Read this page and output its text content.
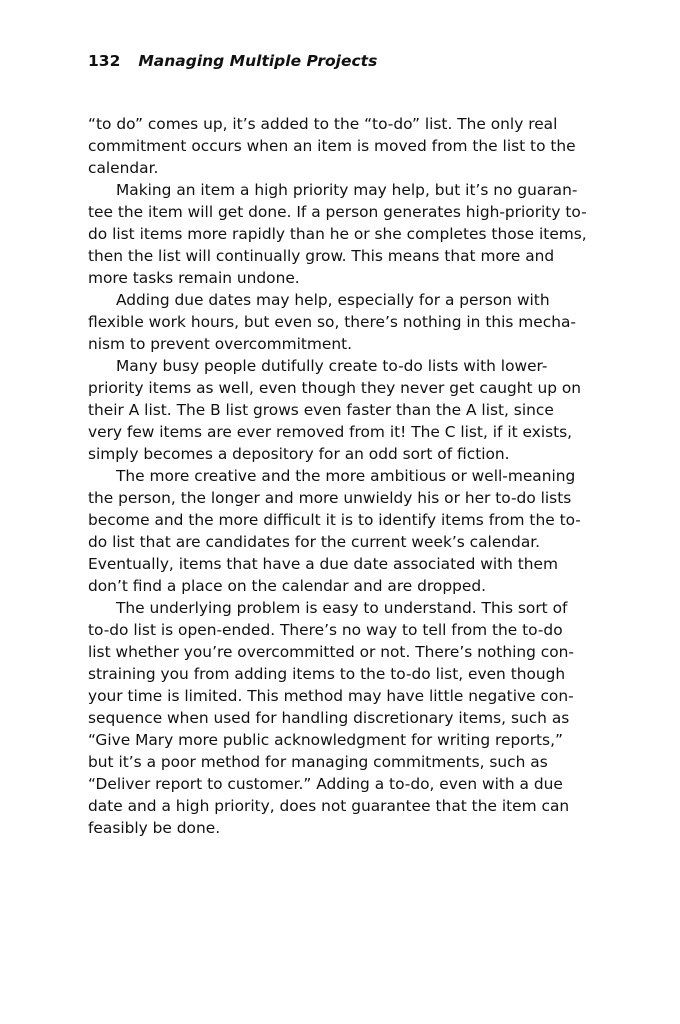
132 Managing Multiple Projects
“to do” comes up, it’s added to the “to-do” list. The only real
commitment occurs when an item is moved from the list to the
calendar.
Making an item a high priority may help, but it’s no guaran-
tee the item will get done. If a person generates high-priority to-
do list items more rapidly than he or she completes those items,
then the list will continually grow. This means that more and
more tasks remain undone.
Adding due dates may help, especially for a person with
flexible work hours, but even so, there’s nothing in this mecha-
nism to prevent overcommitment.
Many busy people dutifully create to-do lists with lower-
priority items as well, even though they never get caught up on
their A list. The B list grows even faster than the A list, since
very few items are ever removed from it! The C list, if it exists,
simply becomes a depository for an odd sort of fiction.
The more creative and the more ambitious or well-meaning
the person, the longer and more unwieldy his or her to-do lists
become and the more difficult it is to identify items from the to-
do list that are candidates for the current week’s calendar.
Eventually, items that have a due date associated with them
don’t find a place on the calendar and are dropped.
The underlying problem is easy to understand. This sort of
to-do list is open-ended. There’s no way to tell from the to-do
list whether you’re overcommitted or not. There’s nothing con-
straining you from adding items to the to-do list, even though
your time is limited. This method may have little negative con-
sequence when used for handling discretionary items, such as
“Give Mary more public acknowledgment for writing reports,”
but it’s a poor method for managing commitments, such as
“Deliver report to customer.” Adding a to-do, even with a due
date and a high priority, does not guarantee that the item can
feasibly be done.
